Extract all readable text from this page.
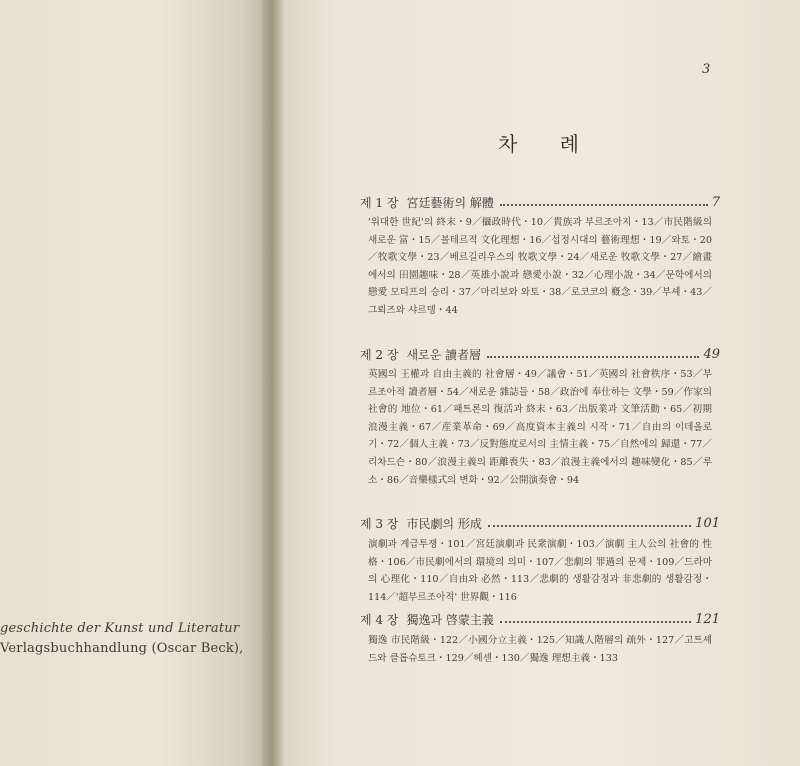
geschichte der Kunst und Literatur
Verlagsbuchhandlung (Oscar Beck),
3
차 례
제 1 장 宮廷藝術의 解體	7
'위대한 世紀'의 終末・9／攝政時代・10／貴族과 부르조아지・13／市民階級의 새로운 富・15／볼테르적 文化理想・16／섭정시대의 藝術理想・19／와토・20／牧歌文學・23／베르길리우스의 牧歌文學・24／새로운 牧歌文學・27／繪畫에서의 田園趣味・28／英雄小說과 戀愛小說・32／心理小說・34／문학에서의 戀愛 모티프의 승리・37／마리보와 와토・38／로코코의 槪念・39／부셰・43／그뢰즈와 샤르뎅・44
제 2 장 새로운 讀者層	49
英國의 王權과 自由主義的 社會層・49／議會・51／英國의 社會秩序・53／부르조아적 讀者層・54／새로운 雜誌들・58／政治에 奉仕하는 文學・59／作家의 社會的 地位・61／패트론의 復活과 終末・63／出版業과 文筆活動・65／初期浪漫主義・67／産業革命・69／高度資本主義의 시작・71／自由의 이데올로기・72／個人主義・73／反對態度로서의 主情主義・75／自然에의 歸還・77／리차드슨・80／浪漫主義의 距離喪失・83／浪漫主義에서의 趣味變化・85／루소・86／音樂樣式의 변화・92／公開演奏會・94
제 3 장 市民劇의 形成	101
演劇과 계급투쟁・101／宮廷演劇과 民衆演劇・103／演劇 主人公의 社會的 性格・106／市民劇에서의 環境의 의미・107／悲劇의 罪過의 문제・109／드라마의 心理化・110／自由와 必然・113／悲劇的 생활감정과 非悲劇的 생활감정・114／'超부르조아적' 世界觀・116
제 4 장 獨逸과 啓蒙主義	121
獨逸 市民階級・122／小國分立主義・125／知識人階層의 疏外・127／고트셰드와 클롭슈토크・129／헤센・130／獨逸 理想主義・133
